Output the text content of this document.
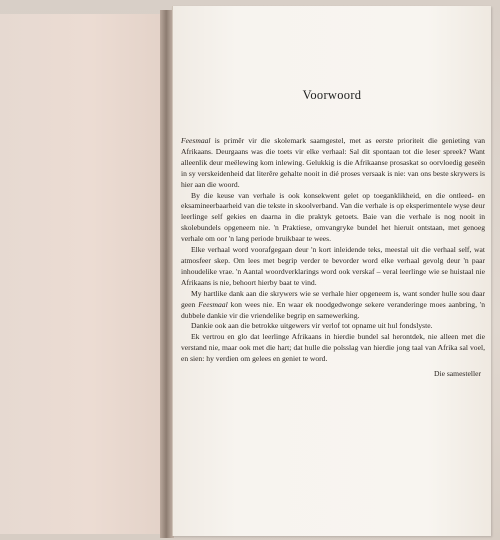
Voorwoord

Feesmaal is primêr vir die skolemark saamgestel, met as eerste prioriteit die genieting van Afrikaans. Deurgaans was die toets vir elke verhaal: Sal dit spontaan tot die leser spreek? Want alleenlik deur meëlewing kom inlewing. Gelukkig is die Afrikaanse prosaskat so oorvloedig geseën in sy verskeidenheid dat literêre gehalte nooit in dié proses versaak is nie: van ons beste skrywers is hier aan die woord.

By die keuse van verhale is ook konsekwent gelet op toeganklikheid, en die ontleed- en eksamineerbaarheid van die tekste in skoolverband. Van die verhale is op eksperimentele wyse deur leerlinge self gekies en daarna in die praktyk getoets. Baie van die verhale is nog nooit in skolebundels opgeneem nie. 'n Praktiese, omvangryke bundel het hieruit ontstaan, met genoeg verhale om oor 'n lang periode bruikbaar te wees.

Elke verhaal word voorafgegaan deur 'n kort inleidende teks, meestal uit die verhaal self, wat atmosfeer skep. Om lees met begrip verder te bevorder word elke verhaal gevolg deur 'n paar inhoudelike vrae. 'n Aantal woordverklarings word ook verskaf – veral leerlinge wie se huistaal nie Afrikaans is nie, behoort hierby baat te vind.

My hartlike dank aan die skrywers wie se verhale hier opgeneem is, want sonder hulle sou daar geen Feesmaal kon wees nie. En waar ek noodgedwonge sekere veranderinge moes aanbring, 'n dubbele dankie vir die vriendelike begrip en samewerking.

Dankie ook aan die betrokke uitgewers vir verlof tot opname uit hul fondslyste.

Ek vertrou en glo dat leerlinge Afrikaans in hierdie bundel sal herontdek, nie alleen met die verstand nie, maar ook met die hart; dat hulle die polsslag van hierdie jong taal van Afrika sal voel, en sien: hy verdien om gelees en geniet te word.

Die samesteller
